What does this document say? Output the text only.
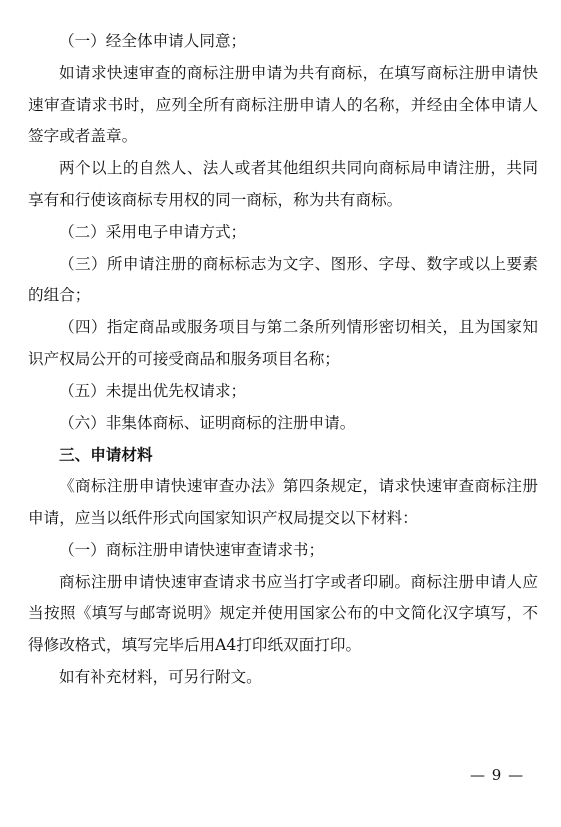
（一）经全体申请人同意；

如请求快速审查的商标注册申请为共有商标，在填写商标注册申请快速审查请求书时，应列全所有商标注册申请人的名称，并经由全体申请人签字或者盖章。

两个以上的自然人、法人或者其他组织共同向商标局申请注册，共同享有和行使该商标专用权的同一商标，称为共有商标。

（二）采用电子申请方式；

（三）所申请注册的商标标志为文字、图形、字母、数字或以上要素的组合；

（四）指定商品或服务项目与第二条所列情形密切相关，且为国家知识产权局公开的可接受商品和服务项目名称；

（五）未提出优先权请求；

（六）非集体商标、证明商标的注册申请。

三、申请材料

《商标注册申请快速审查办法》第四条规定，请求快速审查商标注册申请，应当以纸件形式向国家知识产权局提交以下材料：

（一）商标注册申请快速审查请求书；

商标注册申请快速审查请求书应当打字或者印刷。商标注册申请人应当按照《填写与邮寄说明》规定并使用国家公布的中文简化汉字填写，不得修改格式，填写完毕后用A4打印纸双面打印。

如有补充材料，可另行附文。

— 9 —
